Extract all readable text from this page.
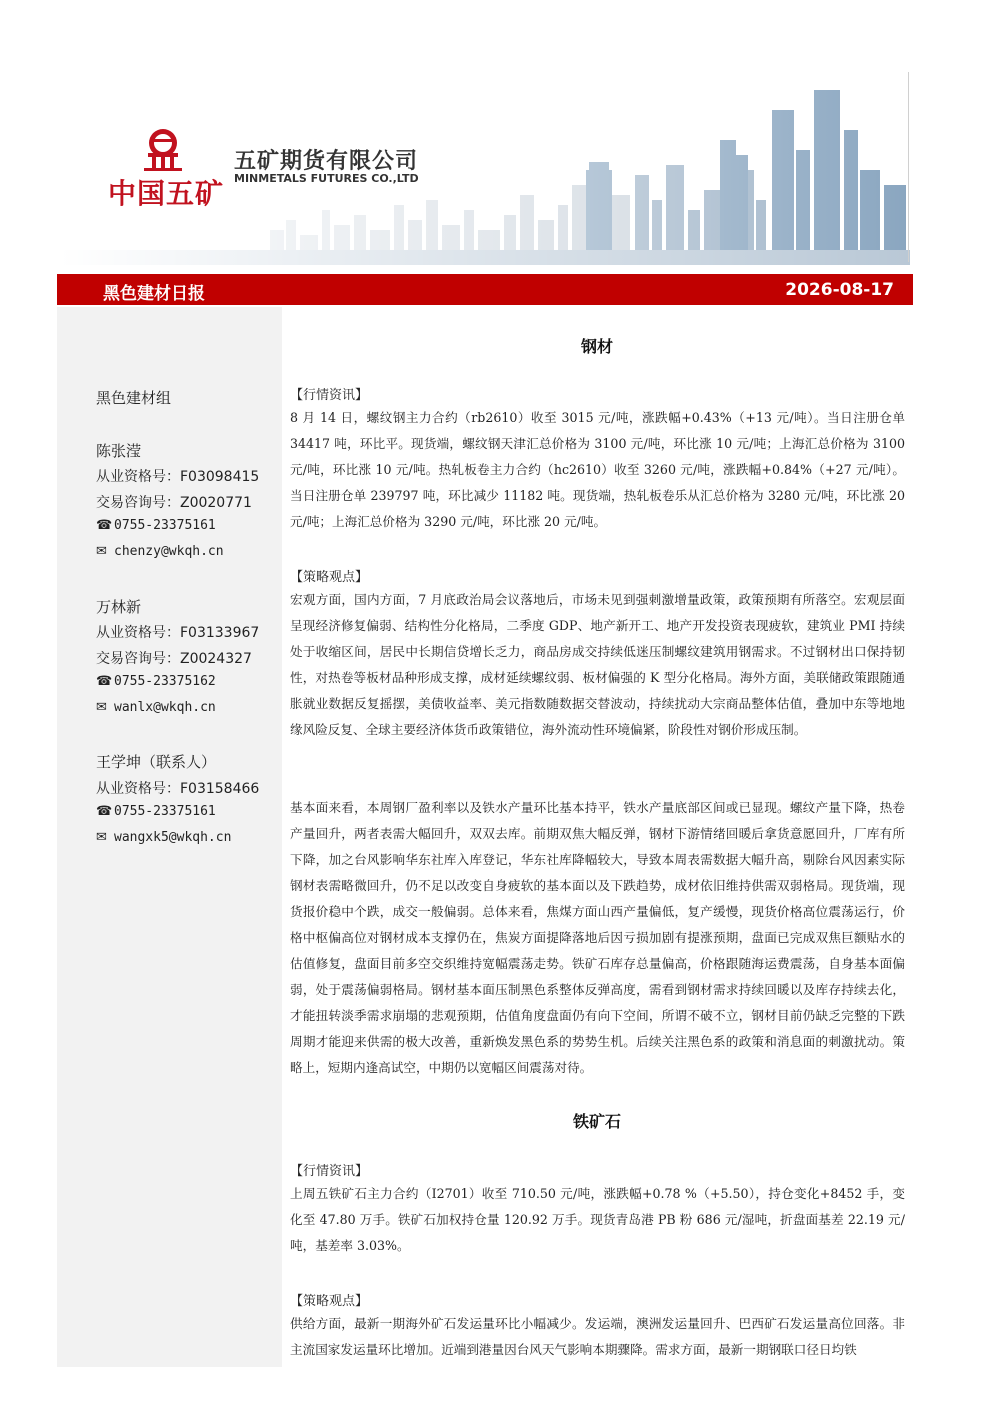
中国五矿
五矿期货有限公司
MINMETALS FUTURES CO.,LTD
黑色建材日报	2026-08-17
黑色建材组
陈张滢
从业资格号：F03098415
交易咨询号：Z0020771
☎ 0755-23375161
✉ chenzy@wkqh.cn
万林新
从业资格号：F03133967
交易咨询号：Z0024327
☎ 0755-23375162
✉ wanlx@wkqh.cn
王学坤（联系人）
从业资格号：F03158466
☎ 0755-23375161
✉ wangxk5@wkqh.cn
钢材
【行情资讯】

8 月 14 日，螺纹钢主力合约（rb2610）收至 3015 元/吨，涨跌幅+0.43%（+13 元/吨）。当日注册仓单 34417 吨，环比平。现货端，螺纹钢天津汇总价格为 3100 元/吨，环比涨 10 元/吨；上海汇总价格为 3100 元/吨，环比涨 10 元/吨。热轧板卷主力合约（hc2610）收至 3260 元/吨，涨跌幅+0.84%（+27 元/吨）。当日注册仓单 239797 吨，环比减少 11182 吨。现货端，热轧板卷乐从汇总价格为 3280 元/吨，环比涨 20 元/吨；上海汇总价格为 3290 元/吨，环比涨 20 元/吨。

【策略观点】

宏观方面，国内方面，7 月底政治局会议落地后，市场未见到强刺激增量政策，政策预期有所落空。宏观层面呈现经济修复偏弱、结构性分化格局，二季度 GDP、地产新开工、地产开发投资表现疲软，建筑业 PMI 持续处于收缩区间，居民中长期信贷增长乏力，商品房成交持续低迷压制螺纹建筑用钢需求。不过钢材出口保持韧性，对热卷等板材品种形成支撑，成材延续螺纹弱、板材偏强的 K 型分化格局。海外方面，美联储政策跟随通胀就业数据反复摇摆，美债收益率、美元指数随数据交替波动，持续扰动大宗商品整体估值，叠加中东等地地缘风险反复、全球主要经济体货币政策错位，海外流动性环境偏紧，阶段性对钢价形成压制。

基本面来看，本周钢厂盈利率以及铁水产量环比基本持平，铁水产量底部区间或已显现。螺纹产量下降，热卷产量回升，两者表需大幅回升，双双去库。前期双焦大幅反弹，钢材下游情绪回暖后拿货意愿回升，厂库有所下降，加之台风影响华东社库入库登记，华东社库降幅较大，导致本周表需数据大幅升高，剔除台风因素实际钢材表需略微回升，仍不足以改变自身疲软的基本面以及下跌趋势，成材依旧维持供需双弱格局。现货端，现货报价稳中个跌，成交一般偏弱。总体来看，焦煤方面山西产量偏低，复产缓慢，现货价格高位震荡运行，价格中枢偏高位对钢材成本支撑仍在，焦炭方面提降落地后因亏损加剧有提涨预期，盘面已完成双焦巨额贴水的估值修复，盘面目前多空交织维持宽幅震荡走势。铁矿石库存总量偏高，价格跟随海运费震荡，自身基本面偏弱，处于震荡偏弱格局。钢材基本面压制黑色系整体反弹高度，需看到钢材需求持续回暖以及库存持续去化，才能扭转淡季需求崩塌的悲观预期，估值角度盘面仍有向下空间，所谓不破不立，钢材目前仍缺乏完整的下跌周期才能迎来供需的极大改善，重新焕发黑色系的势势生机。后续关注黑色系的政策和消息面的刺激扰动。策略上，短期内逢高试空，中期仍以宽幅区间震荡对待。

铁矿石
【行情资讯】

上周五铁矿石主力合约（I2701）收至 710.50 元/吨，涨跌幅+0.78 %（+5.50），持仓变化+8452 手，变化至 47.80 万手。铁矿石加权持仓量 120.92 万手。现货青岛港 PB 粉 686 元/湿吨，折盘面基差 22.19 元/吨，基差率 3.03%。

【策略观点】

供给方面，最新一期海外矿石发运量环比小幅减少。发运端，澳洲发运量回升、巴西矿石发运量高位回落。非主流国家发运量环比增加。近端到港量因台风天气影响本期骤降。需求方面，最新一期钢联口径日均铁
